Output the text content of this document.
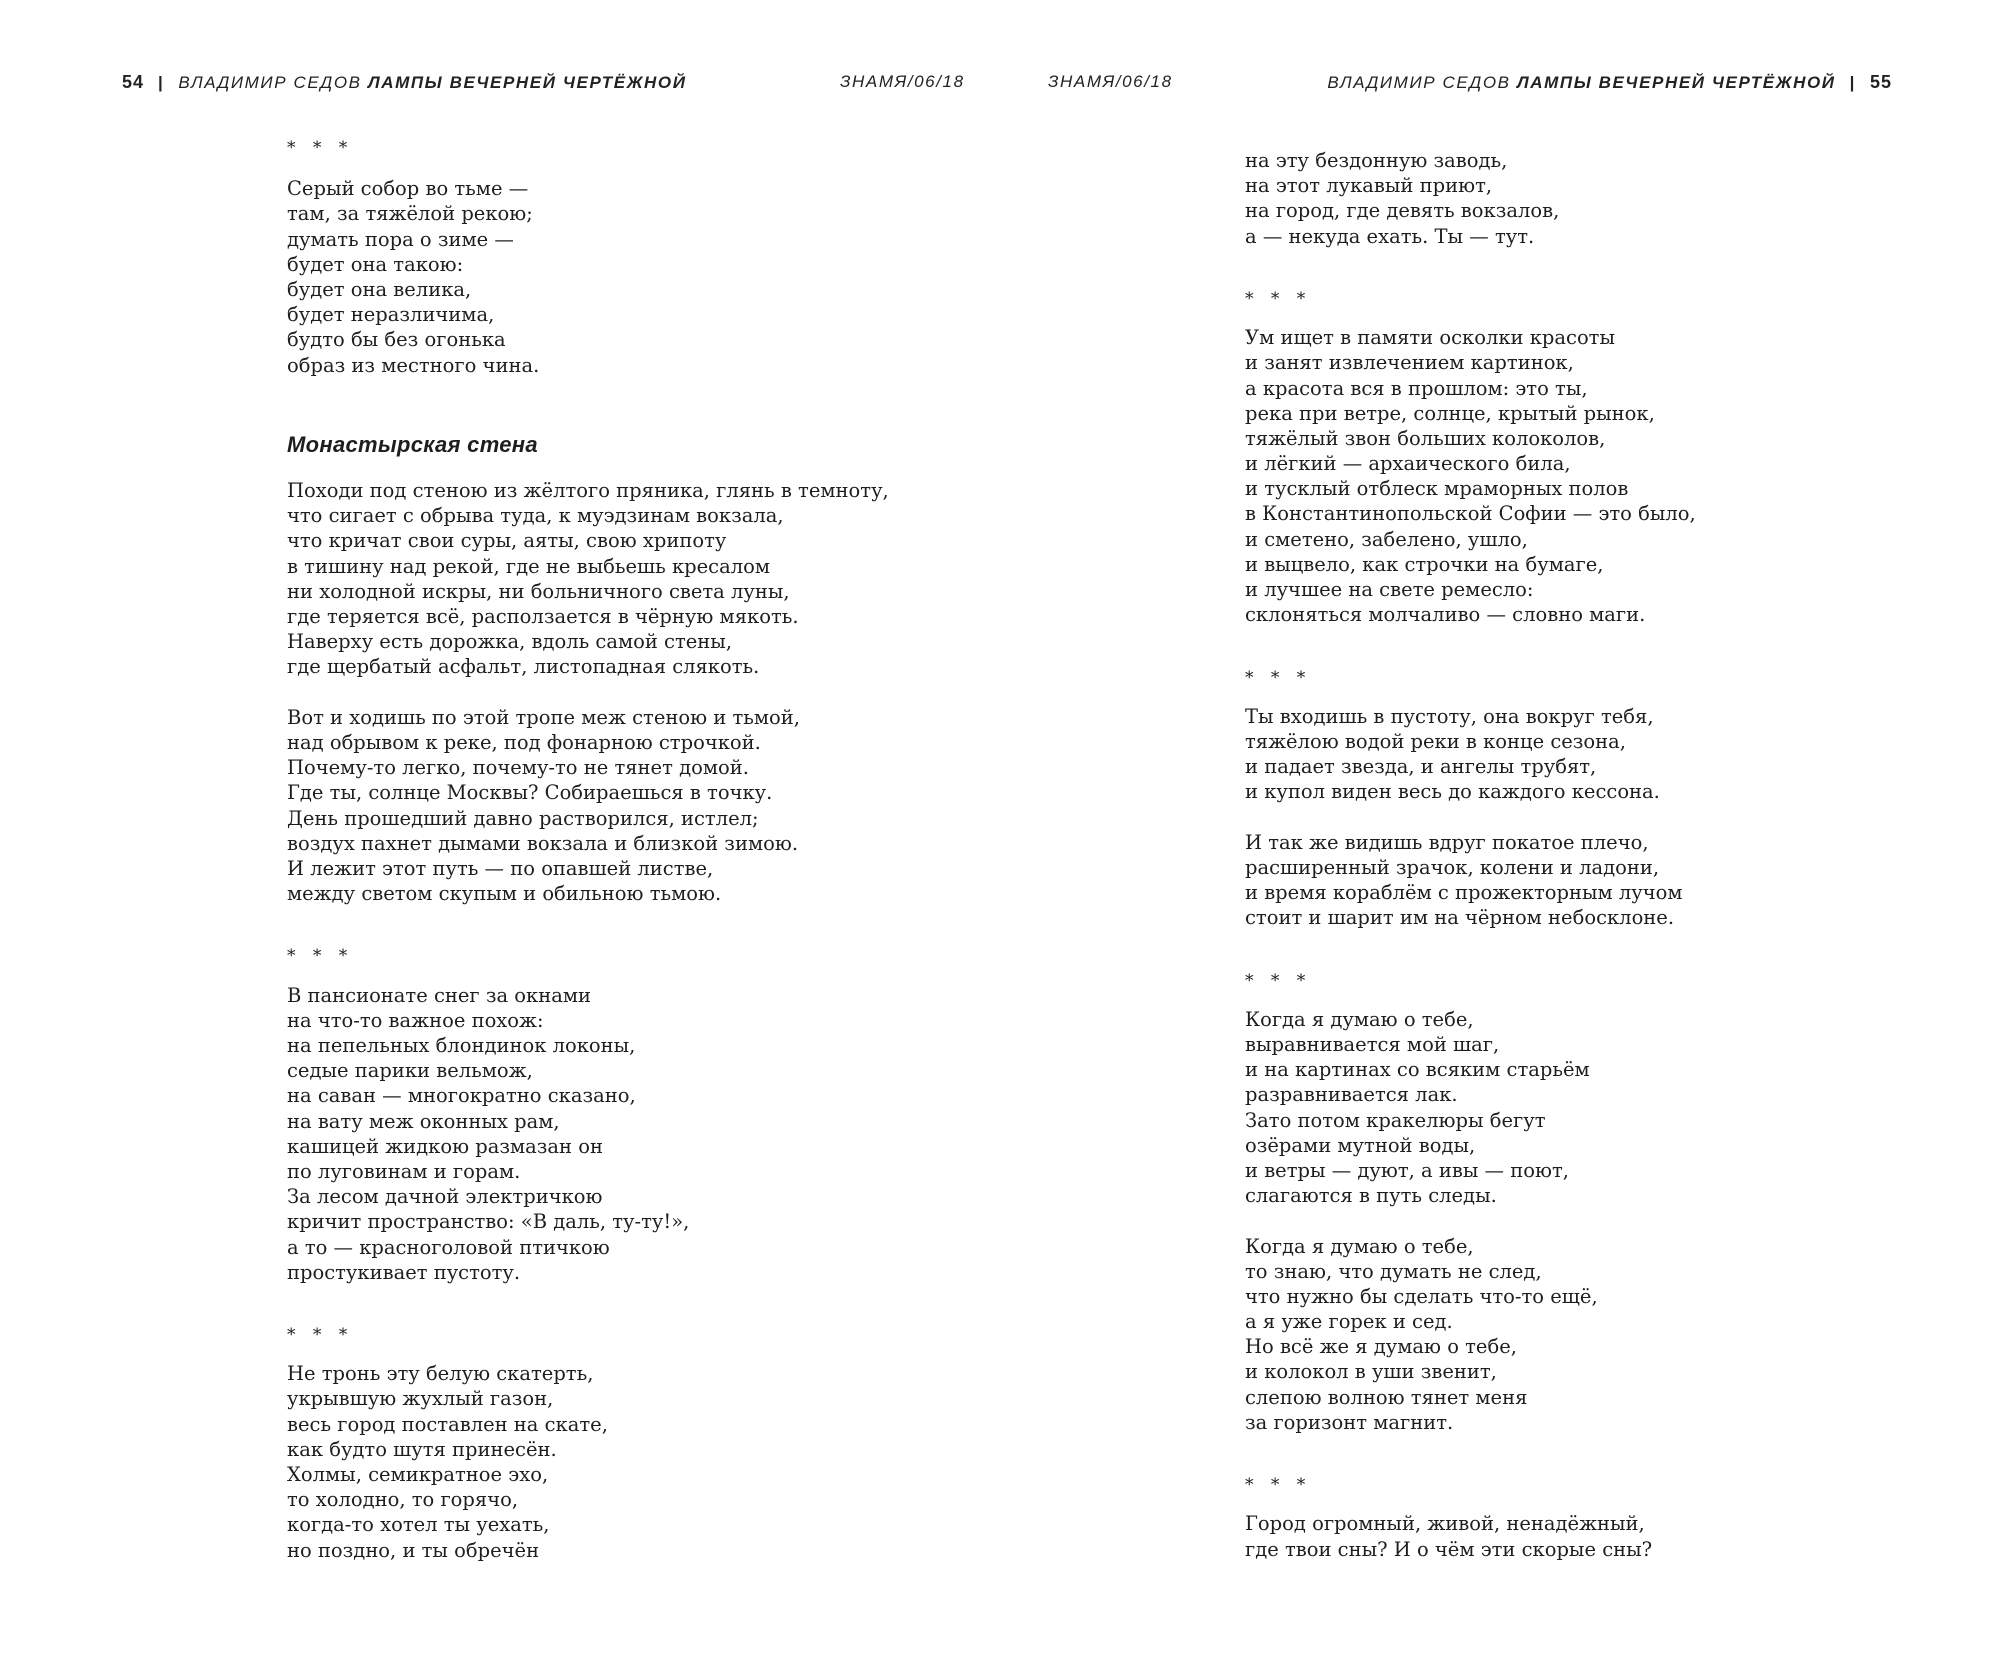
54 | ВЛАДИМИР СЕДОВ ЛАМПЫ ВЕЧЕРНЕЙ ЧЕРТЁЖНОЙ	ЗНАМЯ/06/18	ЗНАМЯ/06/18	ВЛАДИМИР СЕДОВ ЛАМПЫ ВЕЧЕРНЕЙ ЧЕРТЁЖНОЙ | 55
* * *
Серый собор во тьме —
там, за тяжёлой рекою;
думать пора о зиме —
будет она такою:
будет она велика,
будет неразличима,
будто бы без огонька
образ из местного чина.
Монастырская стена
Походи под стеною из жёлтого пряника, глянь в темноту,
что сигает с обрыва туда, к муэдзинам вокзала,
что кричат свои суры, аяты, свою хрипоту
в тишину над рекой, где не выбьешь кресалом
ни холодной искры, ни больничного света луны,
где теряется всё, расползается в чёрную мякоть.
Наверху есть дорожка, вдоль самой стены,
где щербатый асфальт, листопадная слякоть.
Вот и ходишь по этой тропе меж стеною и тьмой,
над обрывом к реке, под фонарною строчкой.
Почему-то легко, почему-то не тянет домой.
Где ты, солнце Москвы? Собираешься в точку.
День прошедший давно растворился, истлел;
воздух пахнет дымами вокзала и близкой зимою.
И лежит этот путь — по опавшей листве,
между светом скупым и обильною тьмою.
* * *
В пансионате снег за окнами
на что-то важное похож:
на пепельных блондинок локоны,
седые парики вельмож,
на саван — многократно сказано,
на вату меж оконных рам,
кашицей жидкою размазан он
по луговинам и горам.
За лесом дачной электричкою
кричит пространство: «В даль, ту-ту!»,
а то — красноголовой птичкою
простукивает пустоту.
* * *
Не тронь эту белую скатерть,
укрывшую жухлый газон,
весь город поставлен на скате,
как будто шутя принесён.
Холмы, семикратное эхо,
то холодно, то горячо,
когда-то хотел ты уехать,
но поздно, и ты обречён
на эту бездонную заводь,
на этот лукавый приют,
на город, где девять вокзалов,
а — некуда ехать. Ты — тут.
* * *
Ум ищет в памяти осколки красоты
и занят извлечением картинок,
а красота вся в прошлом: это ты,
река при ветре, солнце, крытый рынок,
тяжёлый звон больших колоколов,
и лёгкий — архаического била,
и тусклый отблеск мраморных полов
в Константинопольской Софии — это было,
и сметено, забелено, ушло,
и выцвело, как строчки на бумаге,
и лучшее на свете ремесло:
склоняться молчаливо — словно маги.
* * *
Ты входишь в пустоту, она вокруг тебя,
тяжёлою водой реки в конце сезона,
и падает звезда, и ангелы трубят,
и купол виден весь до каждого кессона.
И так же видишь вдруг покатое плечо,
расширенный зрачок, колени и ладони,
и время кораблём с прожекторным лучом
стоит и шарит им на чёрном небосклоне.
* * *
Когда я думаю о тебе,
выравнивается мой шаг,
и на картинах со всяким старьём
разравнивается лак.
Зато потом кракелюры бегут
озёрами мутной воды,
и ветры — дуют, а ивы — поют,
слагаются в путь следы.
Когда я думаю о тебе,
то знаю, что думать не след,
что нужно бы сделать что-то ещё,
а я уже горек и сед.
Но всё же я думаю о тебе,
и колокол в уши звенит,
слепою волною тянет меня
за горизонт магнит.
* * *
Город огромный, живой, ненадёжный,
где твои сны? И о чём эти скорые сны?
